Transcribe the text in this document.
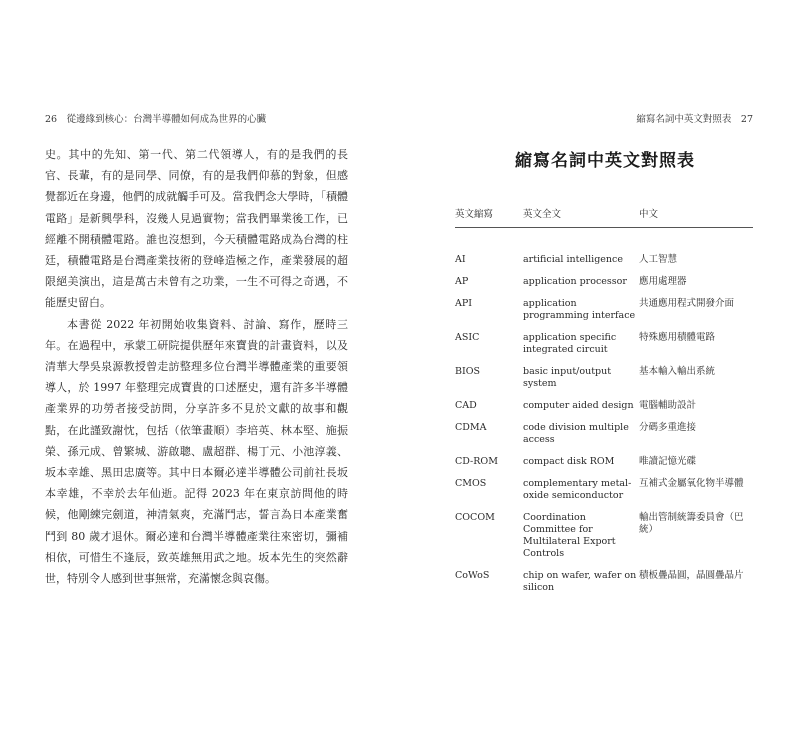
26　從邊緣到核心：台灣半導體如何成為世界的心臟

史。其中的先知、第一代、第二代領導人，有的是我們的長官、長輩，有的是同學、同僚，有的是我們仰慕的對象，但感覺都近在身邊，他們的成就觸手可及。當我們念大學時，「積體電路」是新興學科，沒幾人見過實物；當我們畢業後工作，已經離不開積體電路。誰也沒想到，今天積體電路成為台灣的柱廷，積體電路是台灣產業技術的登峰造極之作，產業發展的超限絕美演出，這是萬古未曾有之功業，一生不可得之奇遇，不能歷史留白。

本書從 2022 年初開始收集資料、討論、寫作，歷時三年。在過程中，承蒙工研院提供歷年來寶貴的計畫資料，以及清華大學吳泉源教授曾走訪整理多位台灣半導體產業的重要領導人，於 1997 年整理完成寶貴的口述歷史，還有許多半導體產業界的功勞者接受訪問，分享許多不見於文獻的故事和觀點，在此謹致謝忱，包括（依筆畫順）李培英、林本堅、施振榮、孫元成、曾繁城、游啟聰、盧超群、楊丁元、小池淳義、坂本幸雄、黑田忠廣等。其中日本爾必達半導體公司前社長坂本幸雄，不幸於去年仙逝。記得 2023 年在東京訪問他的時候，他剛練完劍道，神清氣爽，充滿鬥志，誓言為日本產業奮鬥到 80 歲才退休。爾必達和台灣半導體產業往來密切，彌補相依，可惜生不逢辰，致英雄無用武之地。坂本先生的突然辭世，特別令人感到世事無常，充滿懷念與哀傷。

縮寫名詞中英文對照表　27
縮寫名詞中英文對照表
英文縮寫	英文全文	中文
AI	artificial intelligence	人工智慧
AP	application processor	應用處理器
API	application programming interface	共通應用程式開發介面
ASIC	application specific integrated circuit	特殊應用積體電路
BIOS	basic input/output system	基本輸入輸出系統
CAD	computer aided design	電腦輔助設計
CDMA	code division multiple access	分碼多重進接
CD-ROM	compact disk ROM	唯讀記憶光碟
CMOS	complementary metal-oxide semiconductor	互補式金屬氧化物半導體
COCOM	Coordination Committee for Multilateral Export Controls	輸出管制統籌委員會（巴統）
CoWoS	chip on wafer, wafer on silicon	積板疊晶圓，晶圓疊晶片
